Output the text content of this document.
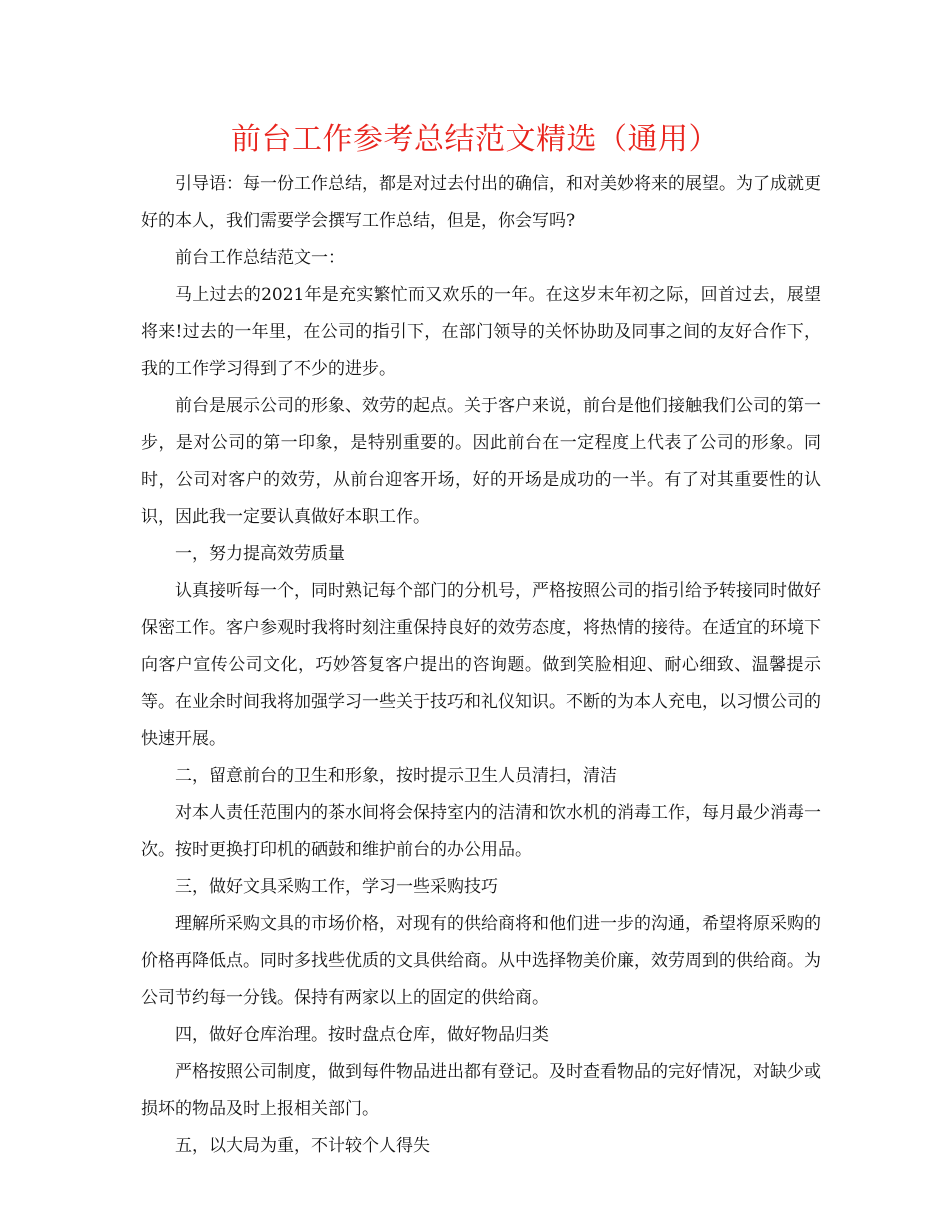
前台工作参考总结范文精选（通用）

引导语：每一份工作总结，都是对过去付出的确信，和对美妙将来的展望。为了成就更好的本人，我们需要学会撰写工作总结，但是，你会写吗?

前台工作总结范文一：

马上过去的2021年是充实繁忙而又欢乐的一年。在这岁末年初之际，回首过去，展望将来!过去的一年里，在公司的指引下，在部门领导的关怀协助及同事之间的友好合作下，我的工作学习得到了不少的进步。

前台是展示公司的形象、效劳的起点。关于客户来说，前台是他们接触我们公司的第一步，是对公司的第一印象，是特别重要的。因此前台在一定程度上代表了公司的形象。同时，公司对客户的效劳，从前台迎客开场，好的开场是成功的一半。有了对其重要性的认识，因此我一定要认真做好本职工作。

一，努力提高效劳质量

认真接听每一个，同时熟记每个部门的分机号，严格按照公司的指引给予转接同时做好保密工作。客户参观时我将时刻注重保持良好的效劳态度，将热情的接待。在适宜的环境下向客户宣传公司文化，巧妙答复客户提出的咨询题。做到笑脸相迎、耐心细致、温馨提示等。在业余时间我将加强学习一些关于技巧和礼仪知识。不断的为本人充电，以习惯公司的快速开展。

二，留意前台的卫生和形象，按时提示卫生人员清扫，清洁

对本人责任范围内的茶水间将会保持室内的洁清和饮水机的消毒工作，每月最少消毒一次。按时更换打印机的硒鼓和维护前台的办公用品。

三，做好文具采购工作，学习一些采购技巧

理解所采购文具的市场价格，对现有的供给商将和他们进一步的沟通，希望将原采购的价格再降低点。同时多找些优质的文具供给商。从中选择物美价廉，效劳周到的供给商。为公司节约每一分钱。保持有两家以上的固定的供给商。

四，做好仓库治理。按时盘点仓库，做好物品归类

严格按照公司制度，做到每件物品进出都有登记。及时查看物品的完好情况，对缺少或损坏的物品及时上报相关部门。

五，以大局为重，不计较个人得失
